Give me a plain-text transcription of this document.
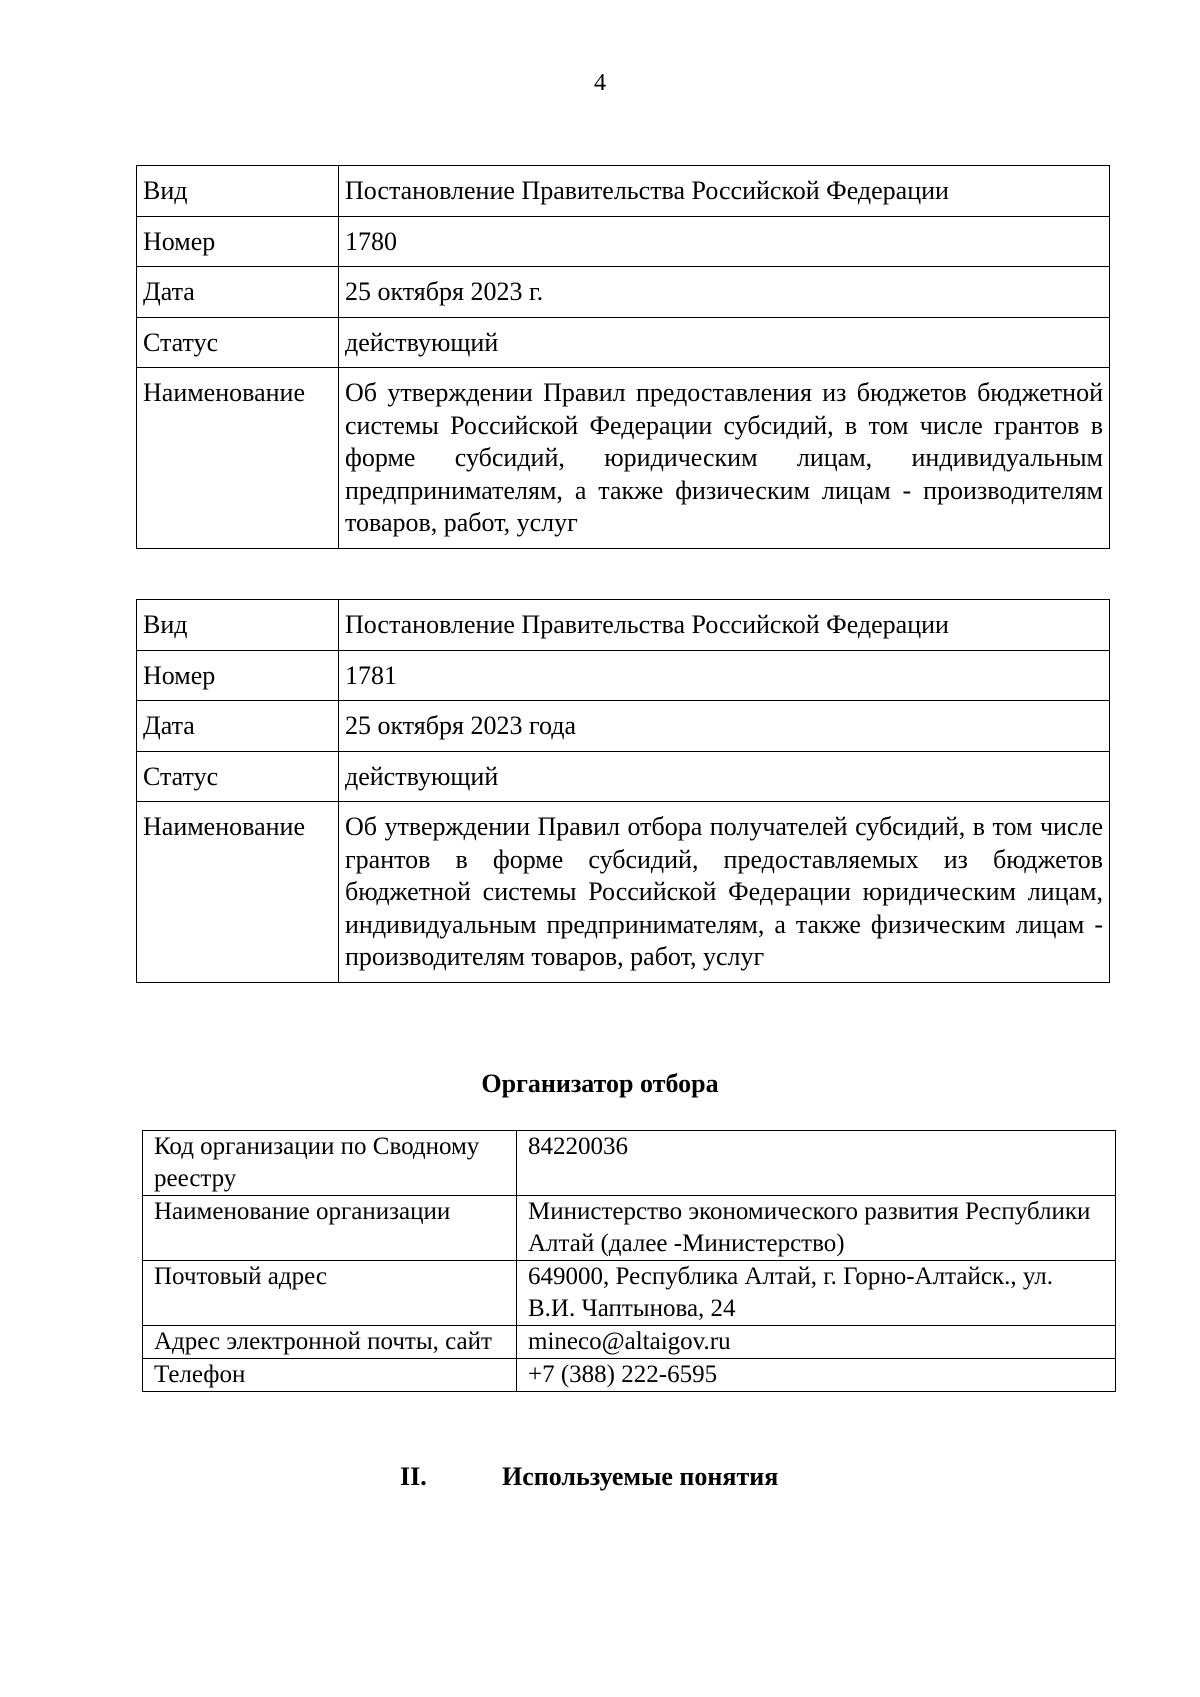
4
Вид	Постановление Правительства Российской Федерации
Номер	1780
Дата	25 октября 2023 г.
Статус	действующий
Наименование	Об утверждении Правил предоставления из бюджетов бюджетной системы Российской Федерации субсидий, в том числе грантов в форме субсидий, юридическим лицам, индивидуальным предпринимателям, а также физическим лицам - производителям товаров, работ, услуг
Вид	Постановление Правительства Российской Федерации
Номер	1781
Дата	25 октября 2023 года
Статус	действующий
Наименование	Об утверждении Правил отбора получателей субсидий, в том числе грантов в форме субсидий, предоставляемых из бюджетов бюджетной системы Российской Федерации юридическим лицам, индивидуальным предпринимателям, а также физическим лицам - производителям товаров, работ, услуг
Организатор отбора
Код организации по Сводному реестру	84220036
Наименование организации	Министерство экономического развития Республики Алтай (далее -Министерство)
Почтовый адрес	649000, Республика Алтай, г. Горно-Алтайск., ул. В.И. Чаптынова, 24
Адрес электронной почты, сайт	mineco@altaigov.ru
Телефон	+7 (388) 222-6595
II.	Используемые понятия
